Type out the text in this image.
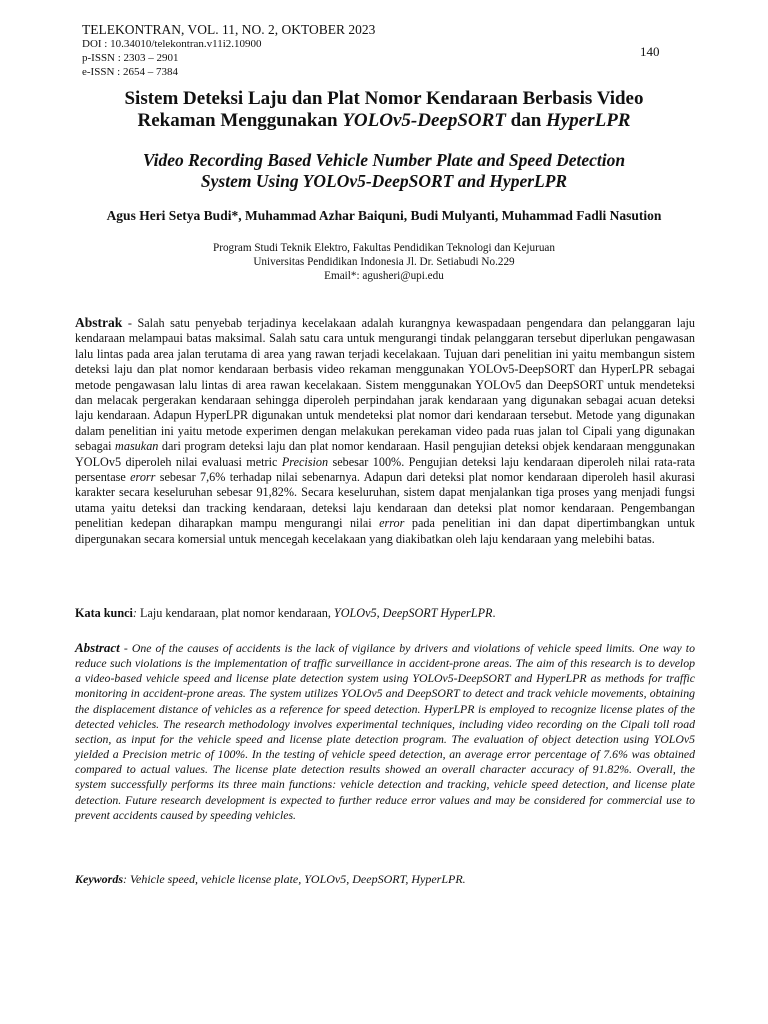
TELEKONTRAN, VOL. 11, NO. 2, OKTOBER 2023
DOI : 10.34010/telekontran.v11i2.10900
p-ISSN : 2303 – 2901
e-ISSN : 2654 – 7384
140
Sistem Deteksi Laju dan Plat Nomor Kendaraan Berbasis Video
Rekaman Menggunakan YOLOv5-DeepSORT dan HyperLPR
Video Recording Based Vehicle Number Plate and Speed Detection
System Using YOLOv5-DeepSORT and HyperLPR
Agus Heri Setya Budi*, Muhammad Azhar Baiquni, Budi Mulyanti, Muhammad Fadli Nasution
Program Studi Teknik Elektro, Fakultas Pendidikan Teknologi dan Kejuruan
Universitas Pendidikan Indonesia Jl. Dr. Setiabudi No.229
Email*: agusheri@upi.edu

Abstrak - Salah satu penyebab terjadinya kecelakaan adalah kurangnya kewaspadaan pengendara dan pelanggaran laju kendaraan melampaui batas maksimal. Salah satu cara untuk mengurangi tindak pelanggaran tersebut diperlukan pengawasan lalu lintas pada area jalan terutama di area yang rawan terjadi kecelakaan. Tujuan dari penelitian ini yaitu membangun sistem deteksi laju dan plat nomor kendaraan berbasis video rekaman menggunakan YOLOv5-DeepSORT dan HyperLPR sebagai metode pengawasan lalu lintas di area rawan kecelakaan. Sistem menggunakan YOLOv5 dan DeepSORT untuk mendeteksi dan melacak pergerakan kendaraan sehingga diperoleh perpindahan jarak kendaraan yang digunakan sebagai acuan deteksi laju kendaraan. Adapun HyperLPR digunakan untuk mendeteksi plat nomor dari kendaraan tersebut. Metode yang digunakan dalam penelitian ini yaitu metode experimen dengan melakukan perekaman video pada ruas jalan tol Cipali yang digunakan sebagai masukan dari program deteksi laju dan plat nomor kendaraan. Hasil pengujian deteksi objek kendaraan menggunakan YOLOv5 diperoleh nilai evaluasi metric Precision sebesar 100%. Pengujian deteksi laju kendaraan diperoleh nilai rata-rata persentase erorr sebesar 7,6% terhadap nilai sebenarnya. Adapun dari deteksi plat nomor kendaraan diperoleh hasil akurasi karakter secara keseluruhan sebesar 91,82%. Secara keseluruhan, sistem dapat menjalankan tiga proses yang menjadi fungsi utama yaitu deteksi dan tracking kendaraan, deteksi laju kendaraan dan deteksi plat nomor kendaraan. Pengembangan penelitian kedepan diharapkan mampu mengurangi nilai error pada penelitian ini dan dapat dipertimbangkan untuk dipergunakan secara komersial untuk mencegah kecelakaan yang diakibatkan oleh laju kendaraan yang melebihi batas.

Kata kunci: Laju kendaraan, plat nomor kendaraan, YOLOv5, DeepSORT HyperLPR.

Abstract - One of the causes of accidents is the lack of vigilance by drivers and violations of vehicle speed limits. One way to reduce such violations is the implementation of traffic surveillance in accident-prone areas. The aim of this research is to develop a video-based vehicle speed and license plate detection system using YOLOv5-DeepSORT and HyperLPR as methods for traffic monitoring in accident-prone areas. The system utilizes YOLOv5 and DeepSORT to detect and track vehicle movements, obtaining the displacement distance of vehicles as a reference for speed detection. HyperLPR is employed to recognize license plates of the detected vehicles. The research methodology involves experimental techniques, including video recording on the Cipali toll road section, as input for the vehicle speed and license plate detection program. The evaluation of object detection using YOLOv5 yielded a Precision metric of 100%. In the testing of vehicle speed detection, an average error percentage of 7.6% was obtained compared to actual values. The license plate detection results showed an overall character accuracy of 91.82%. Overall, the system successfully performs its three main functions: vehicle detection and tracking, vehicle speed detection, and license plate detection. Future research development is expected to further reduce error values and may be considered for commercial use to prevent accidents caused by speeding vehicles.

Keywords: Vehicle speed, vehicle license plate, YOLOv5, DeepSORT, HyperLPR.
